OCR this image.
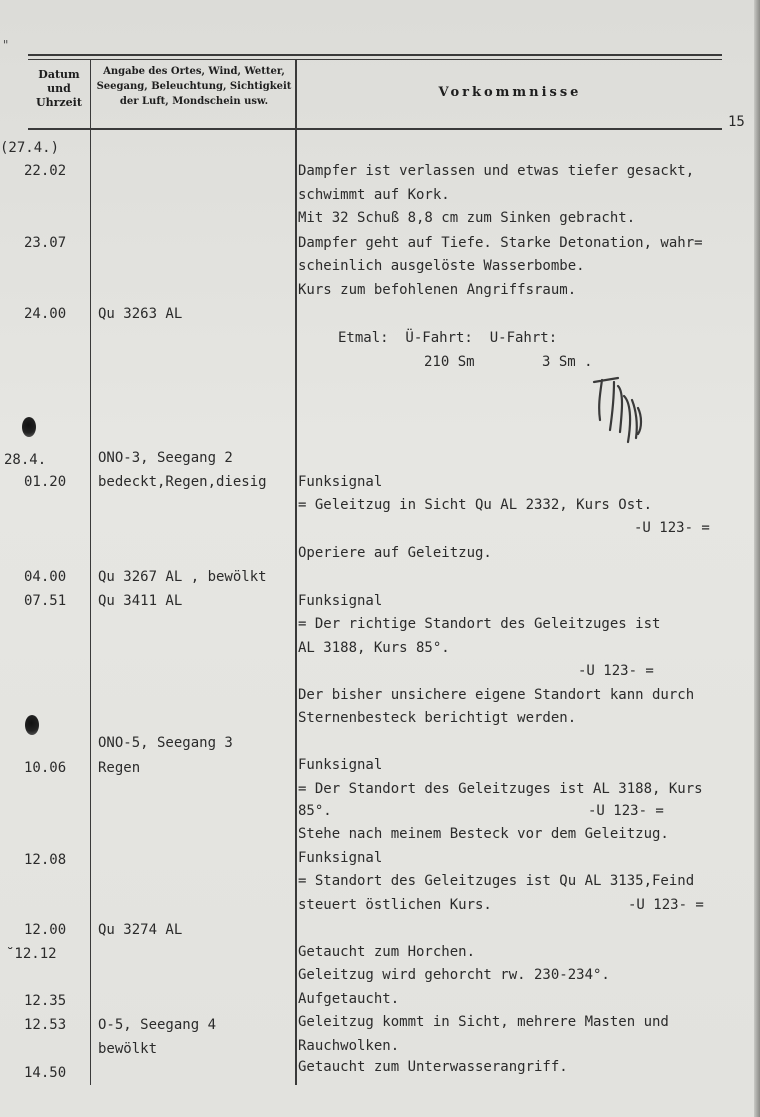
"
Datum
und
Uhrzeit
Angabe des Ortes, Wind, Wetter,
Seegang, Beleuchtung, Sichtigkeit
der Luft, Mondschein usw.
Vorkommnisse
15
(27.4.)
22.02
23.07
24.00
28.4.
01.20
04.00
07.51
10.06
12.08
12.00
̆ 12.12
12.35
12.53
14.50
Qu 3263 AL
ONO-3, Seegang 2
bedeckt,Regen,diesig
Qu 3267 AL , bewölkt
Qu 3411 AL
ONO-5, Seegang 3
Regen
Qu 3274 AL
O-5, Seegang 4
bewölkt
Dampfer ist verlassen und etwas tiefer gesackt,
schwimmt auf Kork.
Mit 32 Schuß 8,8 cm zum Sinken gebracht.
Dampfer geht auf Tiefe. Starke Detonation, wahr=
scheinlich ausgelöste Wasserbombe.
Kurs zum befohlenen Angriffsraum.
Etmal:  Ü-Fahrt:  U-Fahrt:
210 Sm        3 Sm .
Funksignal
= Geleitzug in Sicht Qu AL 2332, Kurs Ost.
-U 123- =
Operiere auf Geleitzug.
Funksignal
= Der richtige Standort des Geleitzuges ist
AL 3188, Kurs 85°.
-U 123- =
Der bisher unsichere eigene Standort kann durch
Sternenbesteck berichtigt werden.
Funksignal
= Der Standort des Geleitzuges ist AL 3188, Kurs
85°.	-U 123- =
Stehe nach meinem Besteck vor dem Geleitzug.
Funksignal
= Standort des Geleitzuges ist Qu AL 3135,Feind
steuert östlichen Kurs.	-U 123- =
Getaucht zum Horchen.
Geleitzug wird gehorcht rw. 230-234°.
Aufgetaucht.
Geleitzug kommt in Sicht, mehrere Masten und
Rauchwolken.
Getaucht zum Unterwasserangriff.
